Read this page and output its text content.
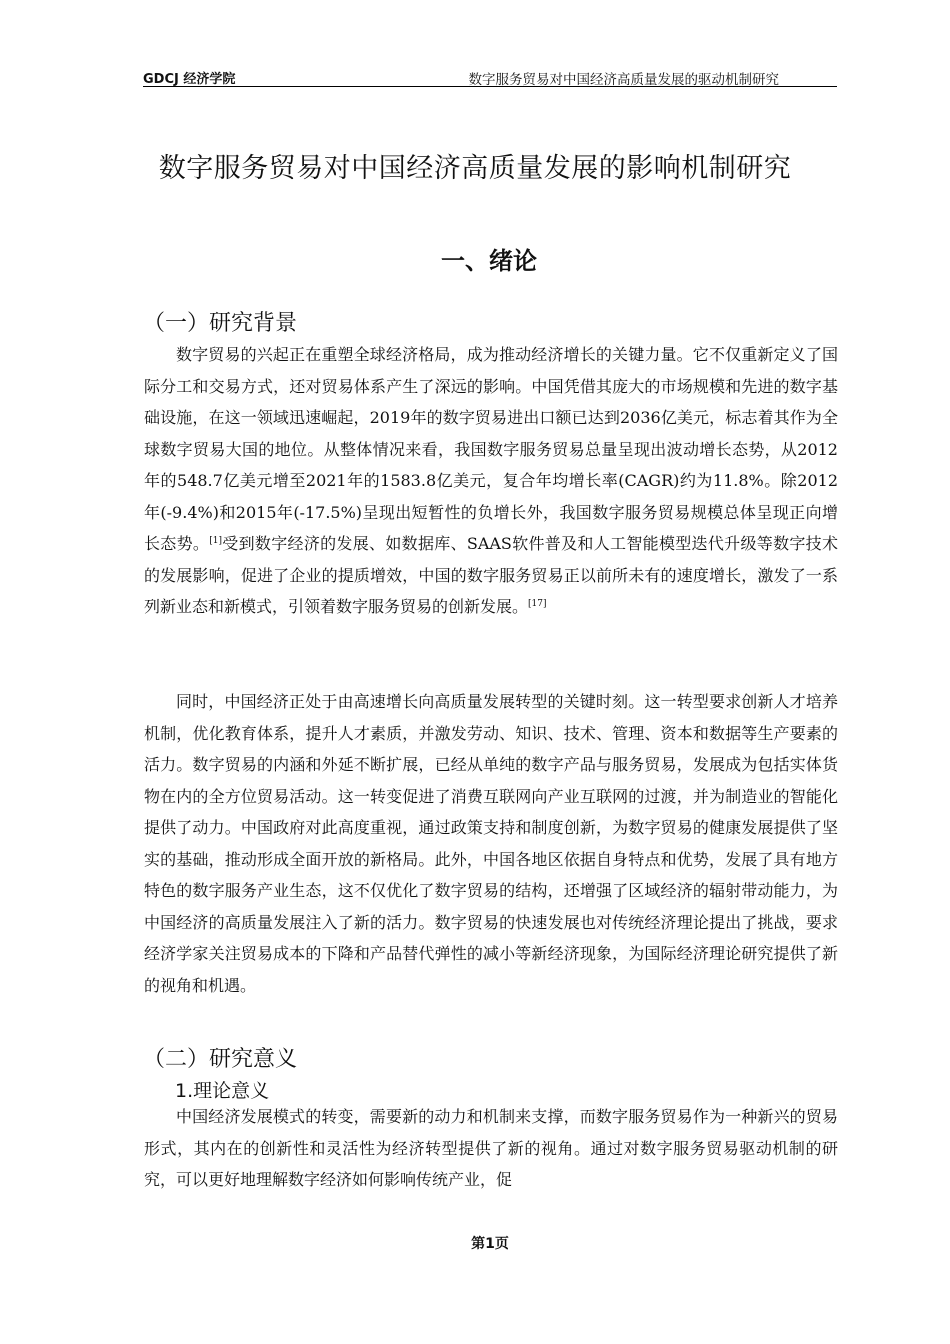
GDCJ 经济学院	数字服务贸易对中国经济高质量发展的驱动机制研究
数字服务贸易对中国经济高质量发展的影响机制研究
一、绪论
（一）研究背景
数字贸易的兴起正在重塑全球经济格局，成为推动经济增长的关键力量。它不仅重新定义了国际分工和交易方式，还对贸易体系产生了深远的影响。中国凭借其庞大的市场规模和先进的数字基础设施，在这一领域迅速崛起，2019年的数字贸易进出口额已达到2036亿美元，标志着其作为全球数字贸易大国的地位。从整体情况来看，我国数字服务贸易总量呈现出波动增长态势，从2012年的548.7亿美元增至2021年的1583.8亿美元，复合年均增长率(CAGR)约为11.8%。除2012年(-9.4%)和2015年(-17.5%)呈现出短暂性的负增长外，我国数字服务贸易规模总体呈现正向增长态势。[1]受到数字经济的发展、如数据库、SAAS软件普及和人工智能模型迭代升级等数字技术的发展影响，促进了企业的提质增效，中国的数字服务贸易正以前所未有的速度增长，激发了一系列新业态和新模式，引领着数字服务贸易的创新发展。[17]
同时，中国经济正处于由高速增长向高质量发展转型的关键时刻。这一转型要求创新人才培养机制，优化教育体系，提升人才素质，并激发劳动、知识、技术、管理、资本和数据等生产要素的活力。数字贸易的内涵和外延不断扩展，已经从单纯的数字产品与服务贸易，发展成为包括实体货物在内的全方位贸易活动。这一转变促进了消费互联网向产业互联网的过渡，并为制造业的智能化提供了动力。中国政府对此高度重视，通过政策支持和制度创新，为数字贸易的健康发展提供了坚实的基础，推动形成全面开放的新格局。此外，中国各地区依据自身特点和优势，发展了具有地方特色的数字服务产业生态，这不仅优化了数字贸易的结构，还增强了区域经济的辐射带动能力，为中国经济的高质量发展注入了新的活力。数字贸易的快速发展也对传统经济理论提出了挑战，要求经济学家关注贸易成本的下降和产品替代弹性的减小等新经济现象，为国际经济理论研究提供了新的视角和机遇。
（二）研究意义
1.理论意义
中国经济发展模式的转变，需要新的动力和机制来支撑，而数字服务贸易作为一种新兴的贸易形式，其内在的创新性和灵活性为经济转型提供了新的视角。通过对数字服务贸易驱动机制的研究，可以更好地理解数字经济如何影响传统产业，促
第1页
